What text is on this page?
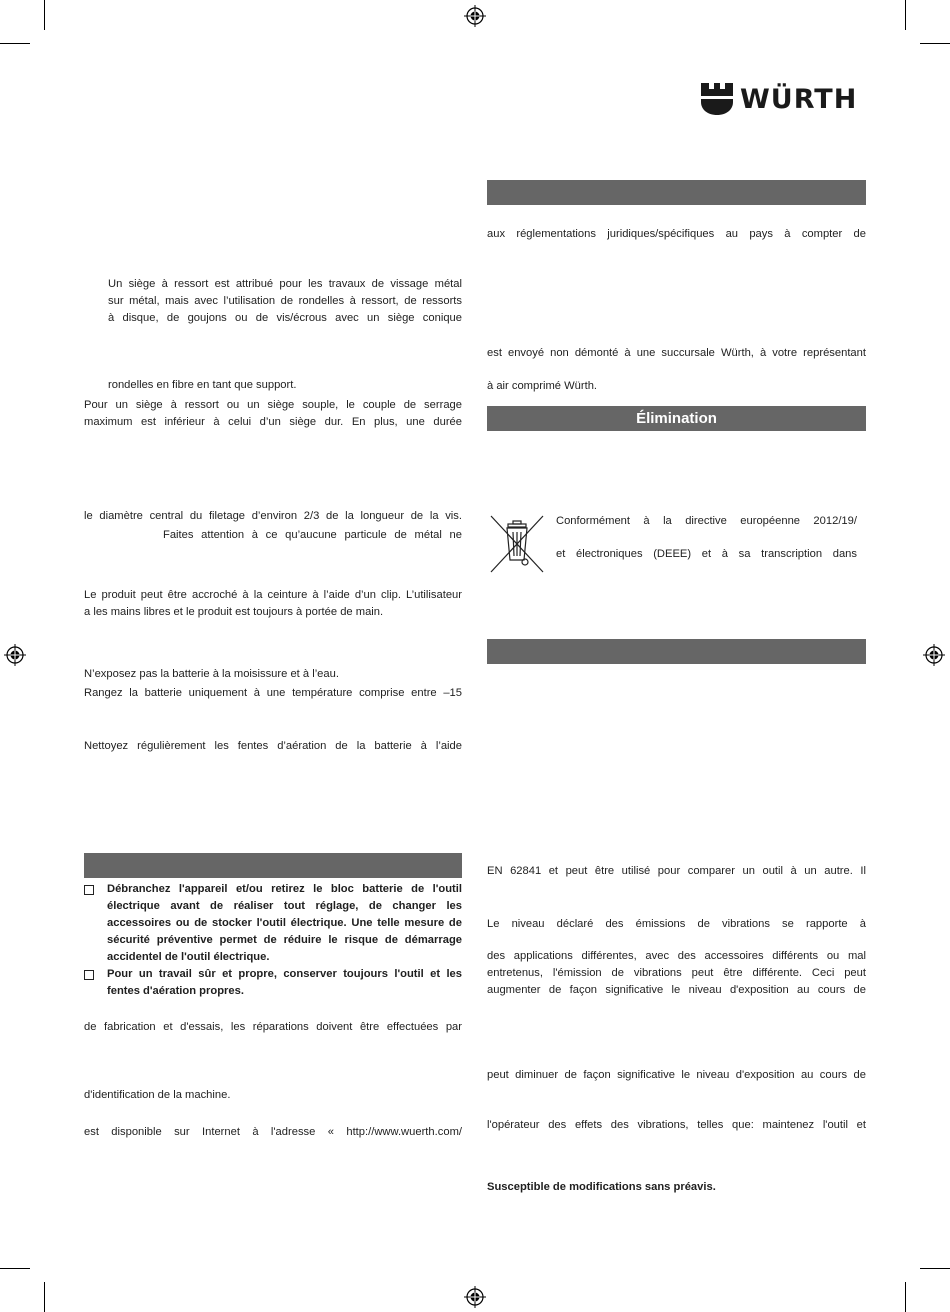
WÜRTH
Un siège à ressort est attribué pour les travaux de vissage métal
sur métal, mais avec l’utilisation de rondelles à ressort, de ressorts
à disque, de goujons ou de vis/écrous avec un siège conique
rondelles en fibre en tant que support.
Pour un siège à ressort ou un siège souple, le couple de serrage
maximum est inférieur à celui d’un siège dur. En plus, une durée
le diamètre central du filetage d’environ 2/3 de la longueur de la vis.
Faites attention à ce qu’aucune particule de métal ne
Le produit peut être accroché à la ceinture à l’aide d’un clip. L’utilisateur
a les mains libres et le produit est toujours à portée de main.
N’exposez pas la batterie à la moisissure et à l’eau.
Rangez la batterie uniquement à une température comprise entre –15
Nettoyez régulièrement les fentes d’aération de la batterie à l’aide
Débranchez l'appareil et/ou retirez le bloc batterie de l'outil électrique avant de réaliser tout réglage, de changer les accessoires ou de stocker l'outil électrique. Une telle mesure de sécurité préventive permet de réduire le risque de démarrage accidentel de l'outil électrique.
Pour un travail sûr et propre, conserver toujours l'outil et les fentes d'aération propres.
de fabrication et d'essais, les réparations doivent être effectuées par
d'identification de la machine.
est disponible sur Internet à l'adresse « http://www.wuerth.com/
aux réglementations juridiques/spécifiques au pays à compter de
est envoyé non démonté à une succursale Würth, à votre représentant
à air comprimé Würth.
Élimination
Conformément à la directive européenne 2012/19/
et électroniques (DEEE) et à sa transcription dans
EN 62841 et peut être utilisé pour comparer un outil à un autre. Il
Le niveau déclaré des émissions de vibrations se rapporte à
des applications différentes, avec des accessoires différents ou mal
entretenus, l'émission de vibrations peut être différente. Ceci peut
augmenter de façon significative le niveau d'exposition au cours de
peut diminuer de façon significative le niveau d'exposition au cours de
l'opérateur des effets des vibrations, telles que: maintenez l'outil et
Susceptible de modifications sans préavis.
